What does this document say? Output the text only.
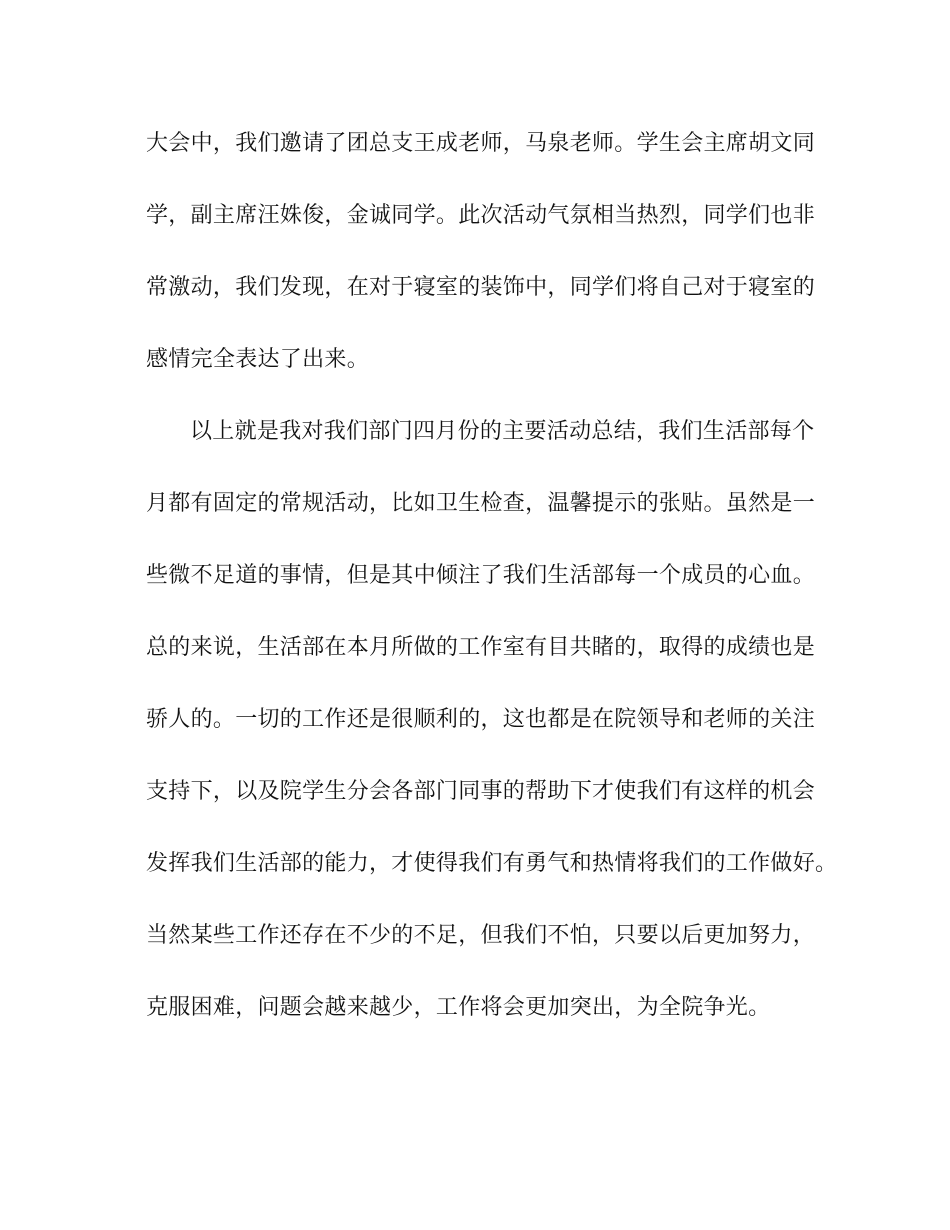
大会中，我们邀请了团总支王成老师，马泉老师。学生会主席胡文同
学，副主席汪姝俊，金诚同学。此次活动气氛相当热烈，同学们也非
常激动，我们发现，在对于寝室的装饰中，同学们将自己对于寝室的
感情完全表达了出来。
以上就是我对我们部门四月份的主要活动总结，我们生活部每个
月都有固定的常规活动，比如卫生检查，温馨提示的张贴。虽然是一
些微不足道的事情，但是其中倾注了我们生活部每一个成员的心血。
总的来说，生活部在本月所做的工作室有目共睹的，取得的成绩也是
骄人的。一切的工作还是很顺利的，这也都是在院领导和老师的关注
支持下，以及院学生分会各部门同事的帮助下才使我们有这样的机会
发挥我们生活部的能力，才使得我们有勇气和热情将我们的工作做好。
当然某些工作还存在不少的不足，但我们不怕，只要以后更加努力，
克服困难，问题会越来越少，工作将会更加突出，为全院争光。
